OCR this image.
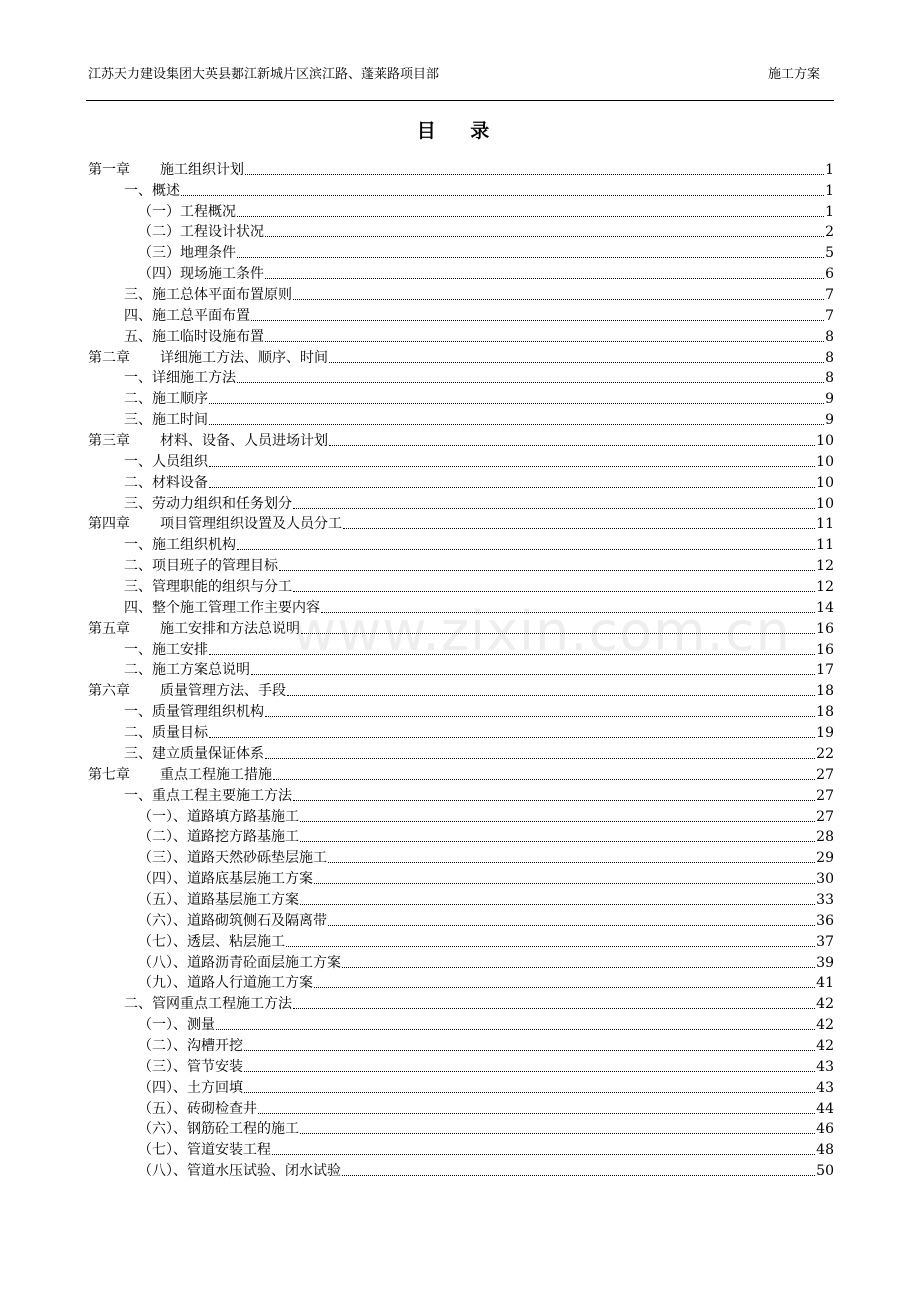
江苏天力建设集团大英县郪江新城片区滨江路、蓬莱路项目部	施工方案
目 录
第一章	施工组织计划	1
一、概述	1
（一）工程概况	1
（二）工程设计状况	2
（三）地理条件	5
（四）现场施工条件	6
三、施工总体平面布置原则	7
四、施工总平面布置	7
五、施工临时设施布置	8
第二章	详细施工方法、顺序、时间	8
一、详细施工方法	8
二、施工顺序	9
三、施工时间	9
第三章	材料、设备、人员进场计划	10
一、人员组织	10
二、材料设备	10
三、劳动力组织和任务划分	10
第四章	项目管理组织设置及人员分工	11
一、施工组织机构	11
二、项目班子的管理目标	12
三、管理职能的组织与分工	12
四、整个施工管理工作主要内容	14
第五章	施工安排和方法总说明	16
一、施工安排	16
二、施工方案总说明	17
第六章	质量管理方法、手段	18
一、质量管理组织机构	18
二、质量目标	19
三、建立质量保证体系	22
第七章	重点工程施工措施	27
一、重点工程主要施工方法	27
（一）、道路填方路基施工	27
（二）、道路挖方路基施工	28
（三）、道路天然砂砾垫层施工	29
（四）、道路底基层施工方案	30
（五）、道路基层施工方案	33
（六）、道路砌筑侧石及隔离带	36
（七）、透层、粘层施工	37
（八）、道路沥青砼面层施工方案	39
（九）、道路人行道施工方案	41
二、管网重点工程施工方法	42
（一）、测量	42
（二）、沟槽开挖	42
（三）、管节安装	43
（四）、土方回填	43
（五）、砖砌检查井	44
（六）、钢筋砼工程的施工	46
（七）、管道安装工程	48
（八）、管道水压试验、闭水试验	50
www.zixin.com.cn
